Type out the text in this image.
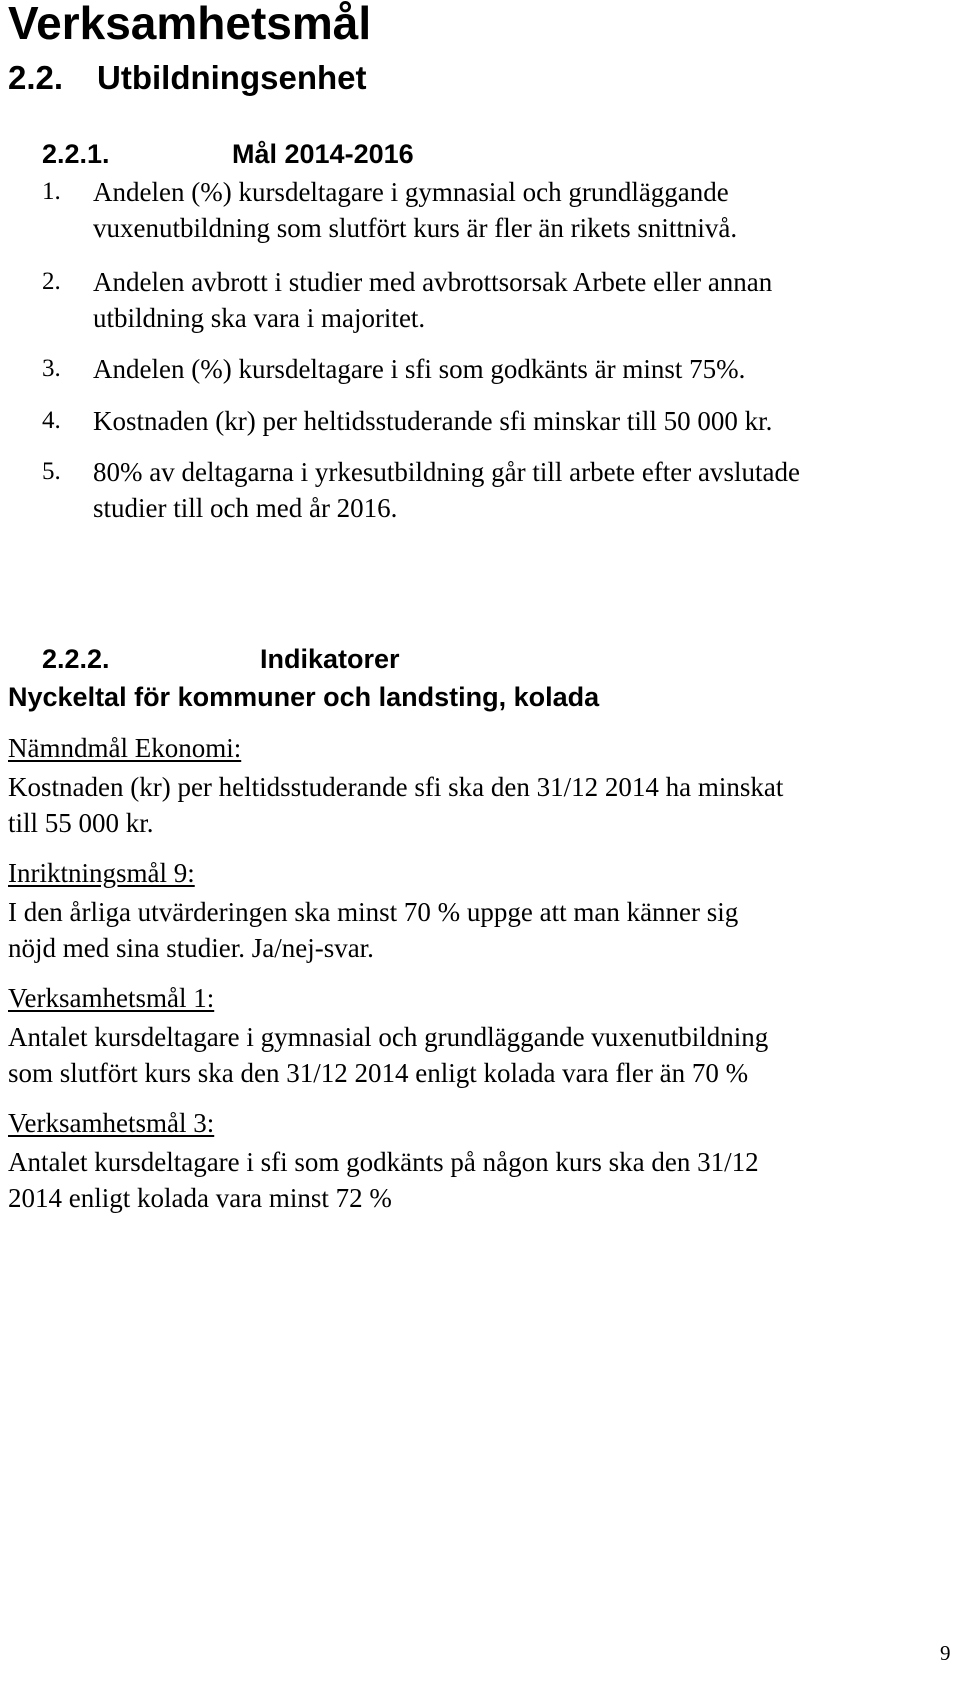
Verksamhetsmål
2.2. Utbildningsenhet
2.2.1.	Mål 2014-2016
1. Andelen (%) kursdeltagare i gymnasial och grundläggande
vuxenutbildning som slutfört kurs är fler än rikets snittnivå.
2. Andelen avbrott i studier med avbrottsorsak Arbete eller annan
utbildning ska vara i majoritet.
3. Andelen (%) kursdeltagare i sfi som godkänts är minst 75%.
4. Kostnaden (kr) per heltidsstuderande sfi minskar till 50 000 kr.
5. 80% av deltagarna i yrkesutbildning går till arbete efter avslutade
studier till och med år 2016.
2.2.2.	Indikatorer
Nyckeltal för kommuner och landsting, kolada
Nämndmål Ekonomi:
Kostnaden (kr) per heltidsstuderande sfi ska den 31/12 2014 ha minskat
till 55 000 kr.
Inriktningsmål 9:
I den årliga utvärderingen ska minst 70 % uppge att man känner sig
nöjd med sina studier. Ja/nej-svar.
Verksamhetsmål 1:
Antalet kursdeltagare i gymnasial och grundläggande vuxenutbildning
som slutfört kurs ska den 31/12 2014 enligt kolada vara fler än 70 %
Verksamhetsmål 3:
Antalet kursdeltagare i sfi som godkänts på någon kurs ska den 31/12
2014 enligt kolada vara minst 72 %
9
